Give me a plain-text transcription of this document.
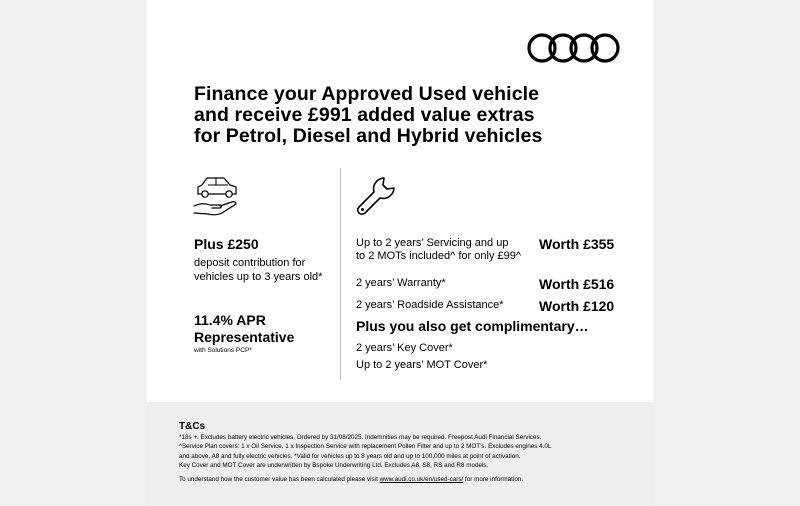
Finance your Approved Used vehicle
and receive £991 added value extras
for Petrol, Diesel and Hybrid vehicles
Plus £250
deposit contribution for
vehicles up to 3 years old*
11.4% APR
Representative
with Solutions PCP*
Up to 2 years’ Servicing and up
to 2 MOTs included^ for only £99^
Worth £355
2 years’ Warranty*	Worth £516
2 years’ Roadside Assistance*	Worth £120
Plus you also get complimentary…
2 years’ Key Cover*
Up to 2 years’ MOT Cover*
T&Cs
*18s +. Excludes battery electric vehicles. Ordered by 31/08/2025. Indemnities may be required. Freepost Audi Financial Services.
^Service Plan covers: 1 x Oil Service, 1 x Inspection Service with replacement Pollen Filter and up to 2 MOT’s. Excludes engines 4.0L
and above, A8 and fully electric vehicles. *Valid for vehicles up to 8 years old and up to 100,000 miles at point of activation.
Key Cover and MOT Cover are underwritten by Bspoke Underwriting Ltd. Excludes A8, S8, RS and R8 models.
To understand how the customer value has been calculated please visit www.audi.co.uk/en/used-cars/ for more information.
